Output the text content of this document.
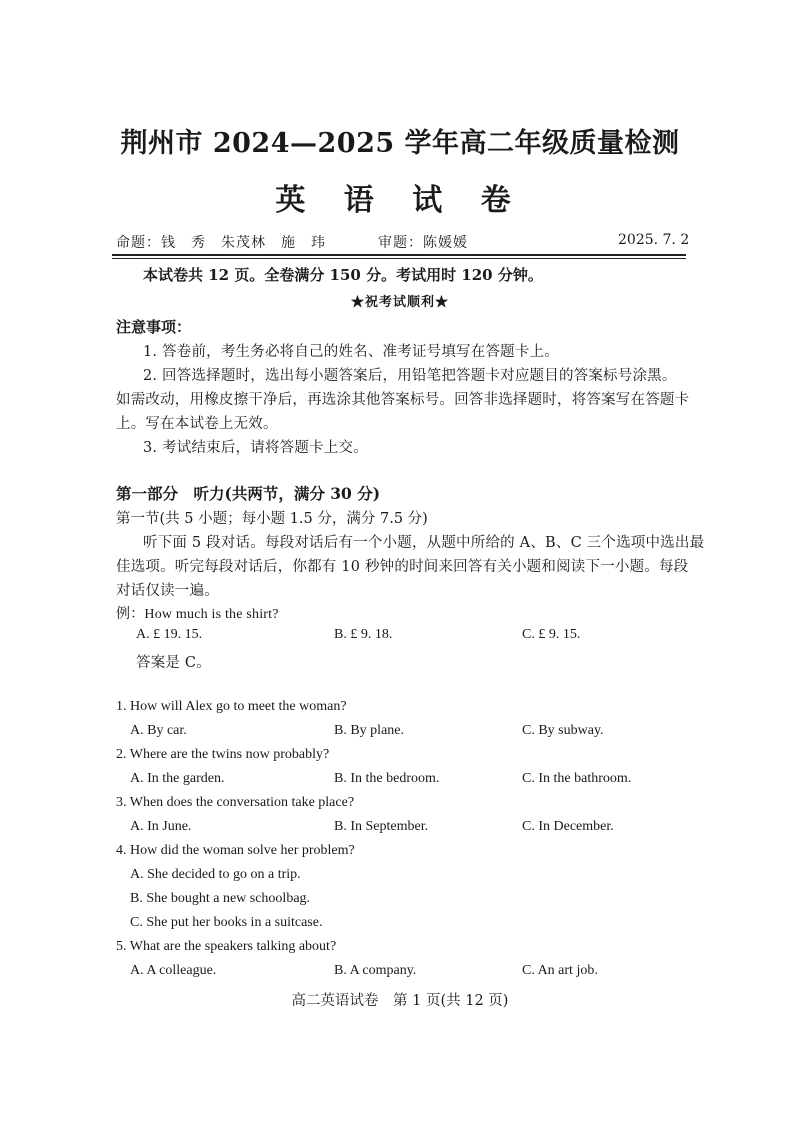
荆州市 2024—2025 学年高二年级质量检测
英 语 试 卷
命题：钱　秀　朱茂林　施　玮	审题：陈媛媛	2025. 7. 2
本试卷共 12 页。全卷满分 150 分。考试用时 120 分钟。
★祝考试顺利★
注意事项：
1. 答卷前，考生务必将自己的姓名、准考证号填写在答题卡上。
2. 回答选择题时，选出每小题答案后，用铅笔把答题卡对应题目的答案标号涂黑。
如需改动，用橡皮擦干净后，再选涂其他答案标号。回答非选择题时，将答案写在答题卡
上。写在本试卷上无效。
3. 考试结束后，请将答题卡上交。
第一部分　听力(共两节，满分 30 分)
第一节(共 5 小题；每小题 1.5 分，满分 7.5 分)
听下面 5 段对话。每段对话后有一个小题，从题中所给的 A、B、C 三个选项中选出最
佳选项。听完每段对话后，你都有 10 秒钟的时间来回答有关小题和阅读下一小题。每段
对话仅读一遍。
例：How much is the shirt?
A. £ 19. 15.	B. £ 9. 18.	C. £ 9. 15.
答案是 C。
1. How will Alex go to meet the woman?
A. By car.	B. By plane.	C. By subway.
2. Where are the twins now probably?
A. In the garden.	B. In the bedroom.	C. In the bathroom.
3. When does the conversation take place?
A. In June.	B. In September.	C. In December.
4. How did the woman solve her problem?
A. She decided to go on a trip.
B. She bought a new schoolbag.
C. She put her books in a suitcase.
5. What are the speakers talking about?
A. A colleague.	B. A company.	C. An art job.
高二英语试卷　第 1 页(共 12 页)
